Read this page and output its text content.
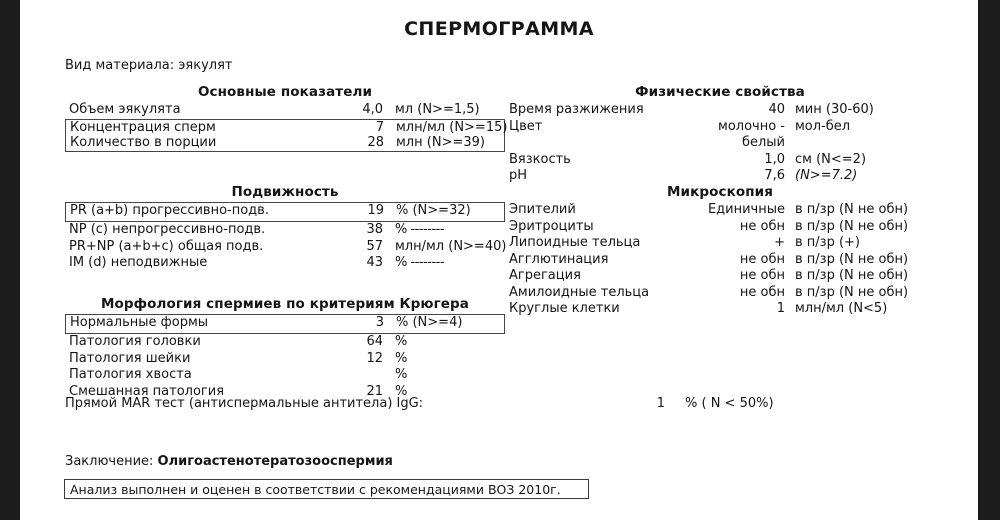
СПЕРМОГРАММА
Вид материала: эякулят
Основные показатели
Объем эякулята	4,0 мл (N>=1,5)
Концентрация сперм	7 млн/мл (N>=15)
Количество в порции	28 млн (N>=39)
Физические свойства
Время разжижения	40 мин (30-60)
Цвет	молочно - мол-бел
белый
Вязкость	1,0 см (N<=2)
pH	7,6 (N>=7.2)
Подвижность
PR (a+b) прогрессивно-подв.	19 % (N>=32)
NP (c) непрогрессивно-подв.	38 % --------
PR+NP (a+b+c) общая подв.	57 млн/мл (N>=40)
IM (d) неподвижные	43 % --------
Микроскопия
Эпителий	Единичные в п/зр (N не обн)
Эритроциты	не обн в п/зр (N не обн)
Липоидные тельца	+ в п/зр (+)
Агглютинация	не обн в п/зр (N не обн)
Агрегация	не обн в п/зр (N не обн)
Амилоидные тельца	не обн в п/зр (N не обн)
Круглые клетки	1 млн/мл (N<5)
Морфология спермиев по критериям Крюгера
Нормальные формы	3 % (N>=4)
Патология головки	64 %
Патология шейки	12 %
Патология хвоста	%
Смешанная патология	21 %
Прямой MAR тест (антиспермальные антитела) IgG:	1 % ( N < 50%)
Заключение: Олигоастенотератозооспермия
Анализ выполнен и оценен в соответствии с рекомендациями ВОЗ 2010г.
